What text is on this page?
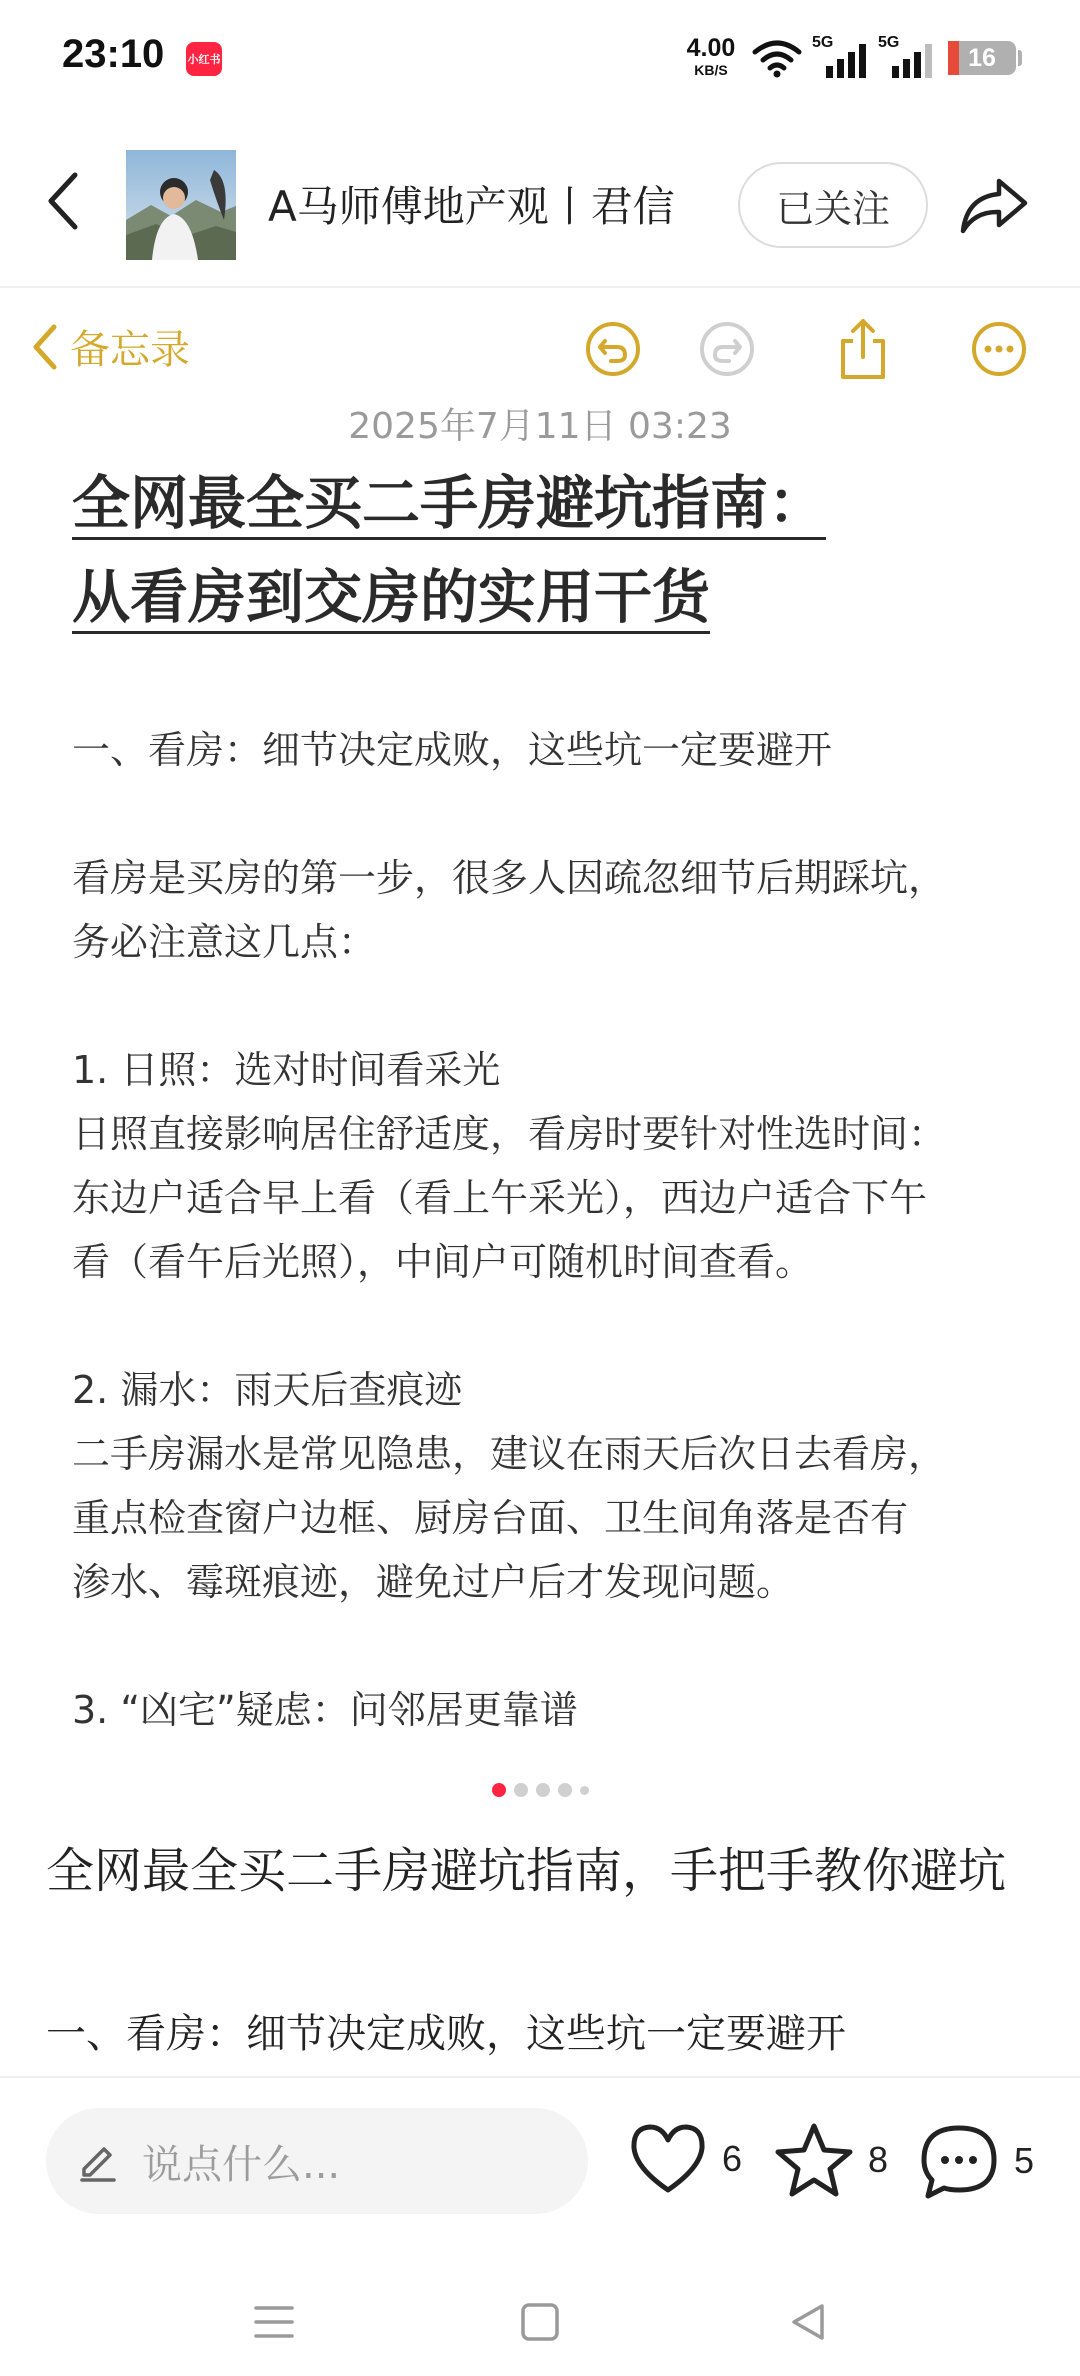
23:10 小红书	4.00
KB/S
5G	5G
16
A马师傅地产观丨君信	已关注
备忘录
2025年7月11日 03:23
全网最全买二手房避坑指南：
从看房到交房的实用干货

一、看房：细节决定成败，这些坑一定要避开

看房是买房的第一步，很多人因疏忽细节后期踩坑，

务必注意这几点：

1. 日照：选对时间看采光

日照直接影响居住舒适度，看房时要针对性选时间：

东边户适合早上看（看上午采光），西边户适合下午

看（看午后光照），中间户可随机时间查看。

2. 漏水：雨天后查痕迹

二手房漏水是常见隐患，建议在雨天后次日去看房，

重点检查窗户边框、厨房台面、卫生间角落是否有

渗水、霉斑痕迹，避免过户后才发现问题。

3. “凶宅”疑虑：问邻居更靠谱

全网最全买二手房避坑指南，手把手教你避坑
一、看房：细节决定成败，这些坑一定要避开
说点什么...	6	8	5
